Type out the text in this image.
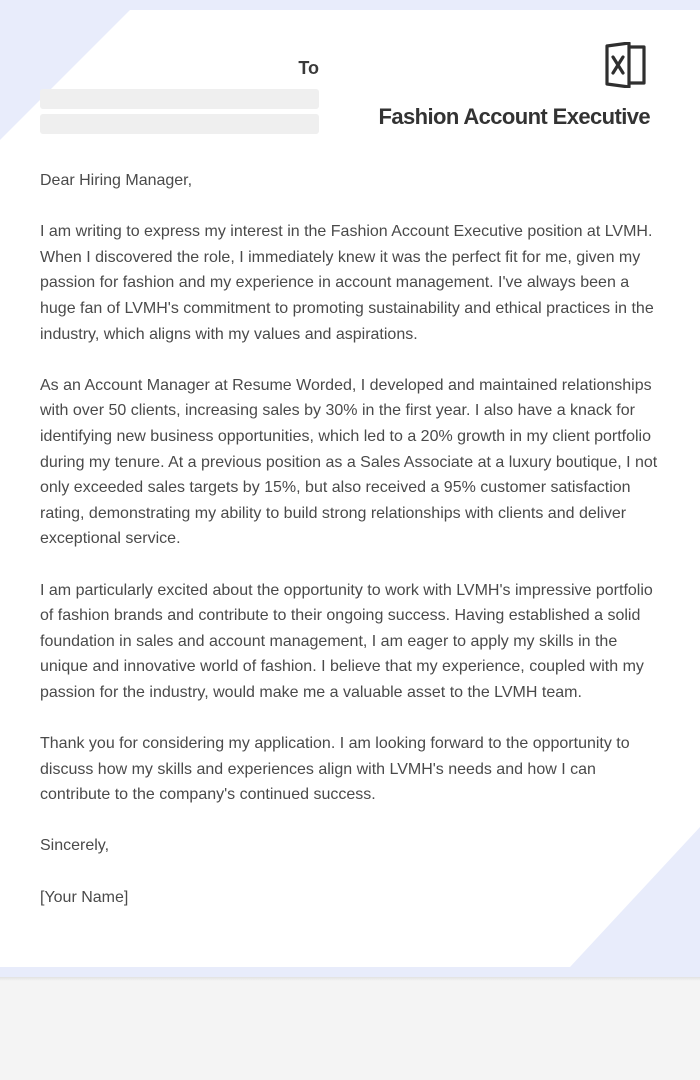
To
Fashion Account Executive

Dear Hiring Manager,

I am writing to express my interest in the Fashion Account Executive position at LVMH. When I discovered the role, I immediately knew it was the perfect fit for me, given my passion for fashion and my experience in account management. I've always been a huge fan of LVMH's commitment to promoting sustainability and ethical practices in the industry, which aligns with my values and aspirations.

As an Account Manager at Resume Worded, I developed and maintained relationships with over 50 clients, increasing sales by 30% in the first year. I also have a knack for identifying new business opportunities, which led to a 20% growth in my client portfolio during my tenure. At a previous position as a Sales Associate at a luxury boutique, I not only exceeded sales targets by 15%, but also received a 95% customer satisfaction rating, demonstrating my ability to build strong relationships with clients and deliver exceptional service.

I am particularly excited about the opportunity to work with LVMH's impressive portfolio of fashion brands and contribute to their ongoing success. Having established a solid foundation in sales and account management, I am eager to apply my skills in the unique and innovative world of fashion. I believe that my experience, coupled with my passion for the industry, would make me a valuable asset to the LVMH team.

Thank you for considering my application. I am looking forward to the opportunity to discuss how my skills and experiences align with LVMH's needs and how I can contribute to the company's continued success.

Sincerely,

[Your Name]
